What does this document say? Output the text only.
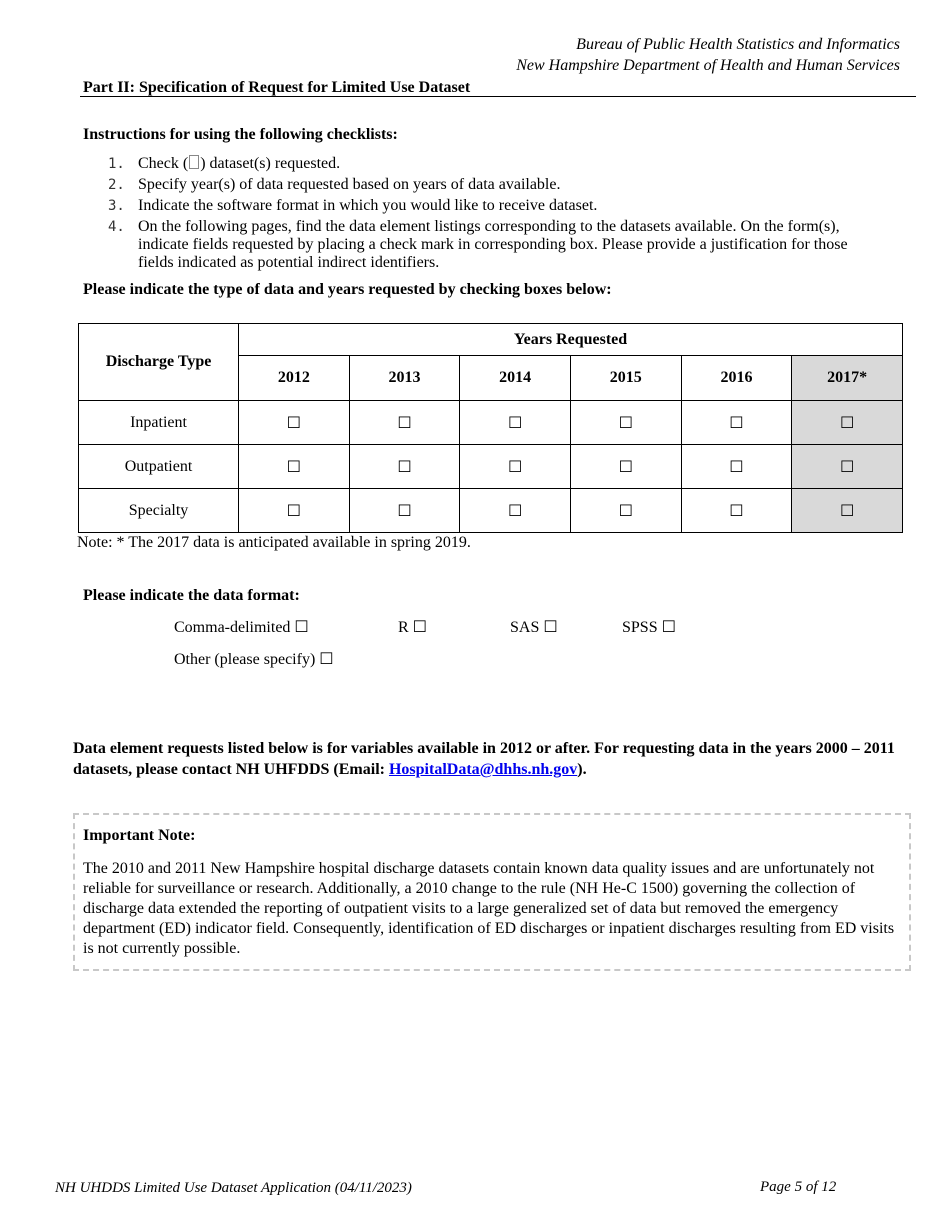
Bureau of Public Health Statistics and Informatics
New Hampshire Department of Health and Human Services
Part II: Specification of Request for Limited Use Dataset
Instructions for using the following checklists:
1. Check ( ) dataset(s) requested.
2. Specify year(s) of data requested based on years of data available.
3. Indicate the software format in which you would like to receive dataset.
4. On the following pages, find the data element listings corresponding to the datasets available. On the form(s), indicate fields requested by placing a check mark in corresponding box. Please provide a justification for those fields indicated as potential indirect identifiers.
Please indicate the type of data and years requested by checking boxes below:
Discharge Type	Years Requested					
	2012	2013	2014	2015	2016	2017*
Inpatient	☐	☐	☐	☐	☐	☐
Outpatient	☐	☐	☐	☐	☐	☐
Specialty	☐	☐	☐	☐	☐	☐
Note: * The 2017 data is anticipated available in spring 2019.
Please indicate the data format:
Comma-delimited ☐	R ☐	SAS ☐	SPSS ☐
Other (please specify) ☐
Data element requests listed below is for variables available in 2012 or after. For requesting data in the years 2000 – 2011 datasets, please contact NH UHFDDS (Email: HospitalData@dhhs.nh.gov).
Important Note:
The 2010 and 2011 New Hampshire hospital discharge datasets contain known data quality issues and are unfortunately not reliable for surveillance or research. Additionally, a 2010 change to the rule (NH He-C 1500) governing the collection of discharge data extended the reporting of outpatient visits to a large generalized set of data but removed the emergency department (ED) indicator field. Consequently, identification of ED discharges or inpatient discharges resulting from ED visits is not currently possible.
NH UHDDS Limited Use Dataset Application (04/11/2023)	Page 5 of 12
